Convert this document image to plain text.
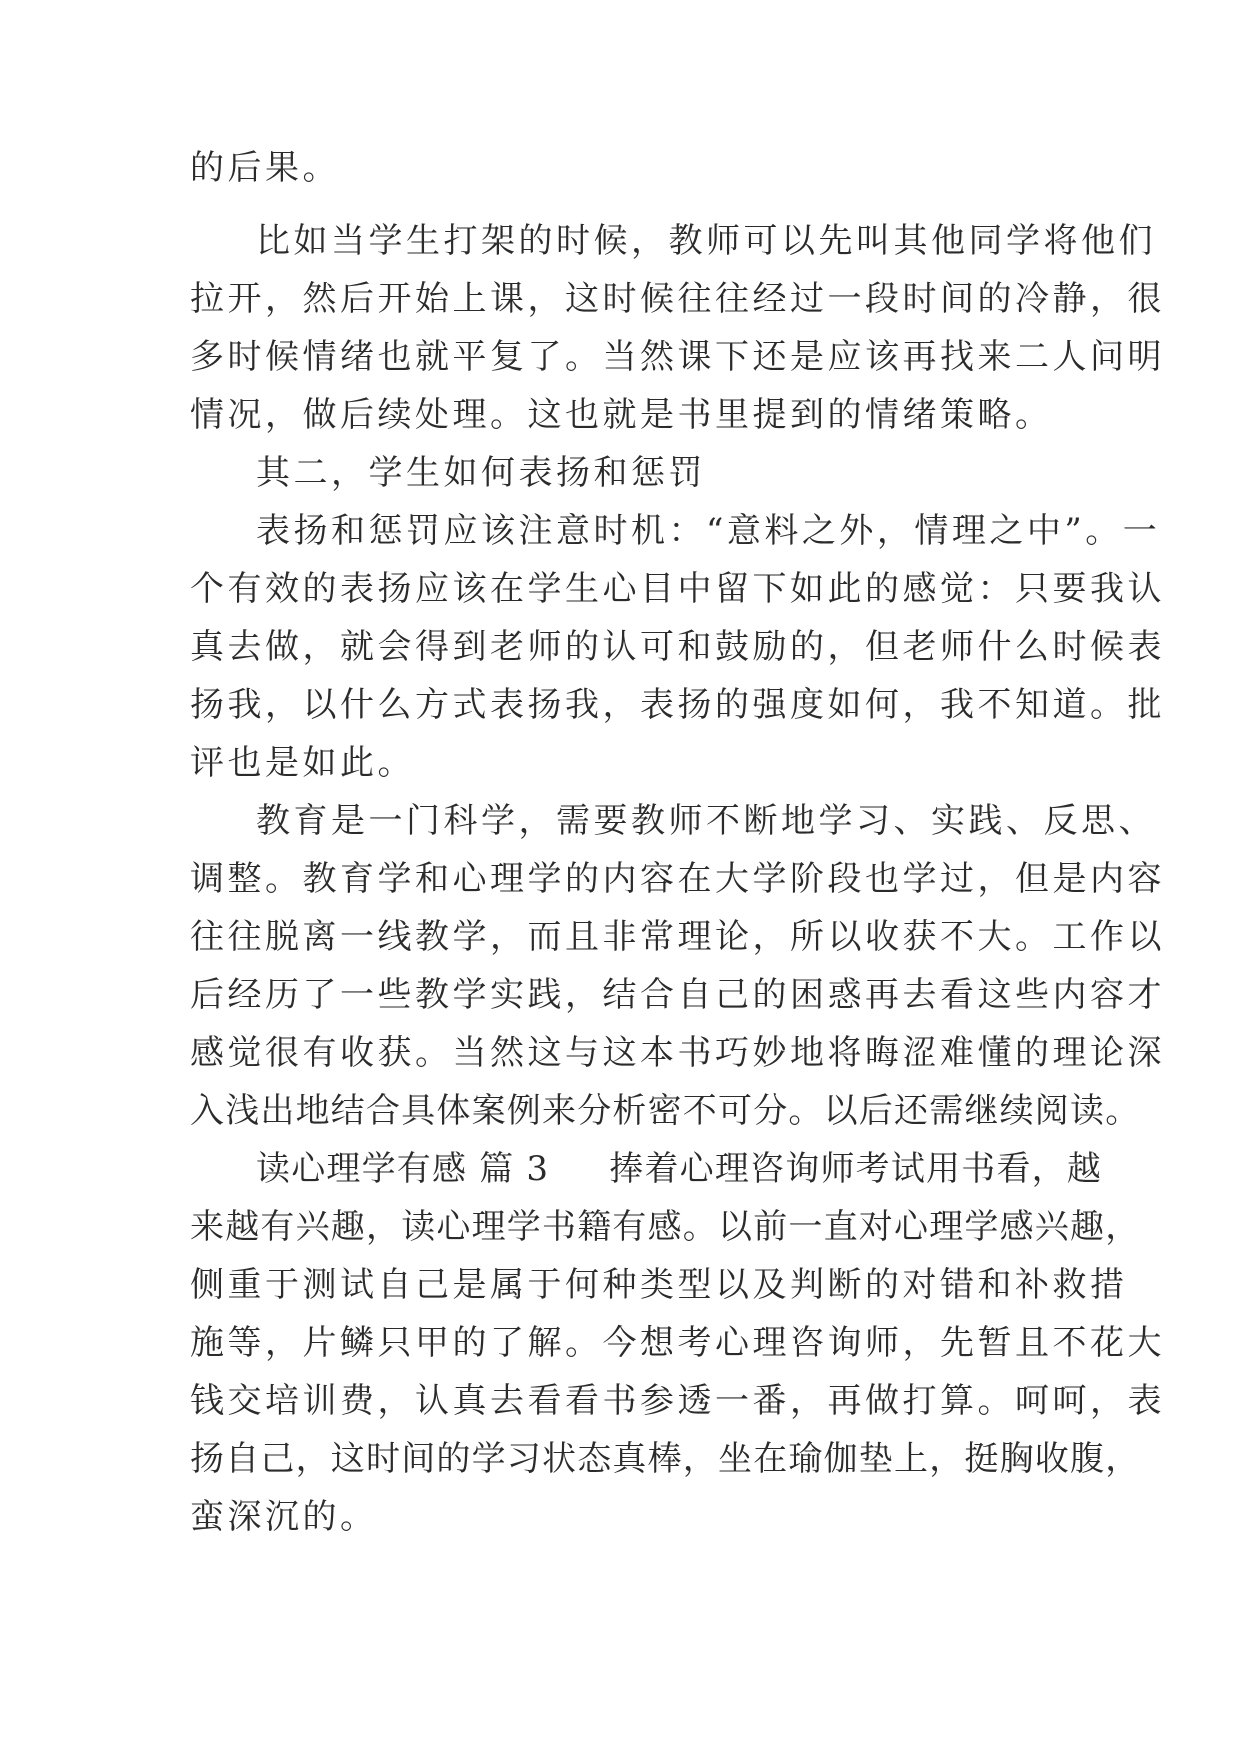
的后果。
比如当学生打架的时候，教师可以先叫其他同学将他们
拉开，然后开始上课，这时候往往经过一段时间的冷静，很
多时候情绪也就平复了。当然课下还是应该再找来二人问明
情况，做后续处理。这也就是书里提到的情绪策略。
其二，学生如何表扬和惩罚
表扬和惩罚应该注意时机：“意料之外，情理之中”。一
个有效的表扬应该在学生心目中留下如此的感觉：只要我认
真去做，就会得到老师的认可和鼓励的，但老师什么时候表
扬我，以什么方式表扬我，表扬的强度如何，我不知道。批
评也是如此。
教育是一门科学，需要教师不断地学习、实践、反思、
调整。教育学和心理学的内容在大学阶段也学过，但是内容
往往脱离一线教学，而且非常理论，所以收获不大。工作以
后经历了一些教学实践，结合自己的困惑再去看这些内容才
感觉很有收获。当然这与这本书巧妙地将晦涩难懂的理论深
入浅出地结合具体案例来分析密不可分。以后还需继续阅读。
读心理学有感 篇 3 捧着心理咨询师考试用书看，越
来越有兴趣，读心理学书籍有感。以前一直对心理学感兴趣，
侧重于测试自己是属于何种类型以及判断的对错和补救措
施等，片鳞只甲的了解。今想考心理咨询师，先暂且不花大
钱交培训费，认真去看看书参透一番，再做打算。呵呵，表
扬自己，这时间的学习状态真棒，坐在瑜伽垫上，挺胸收腹，
蛮深沉的。
